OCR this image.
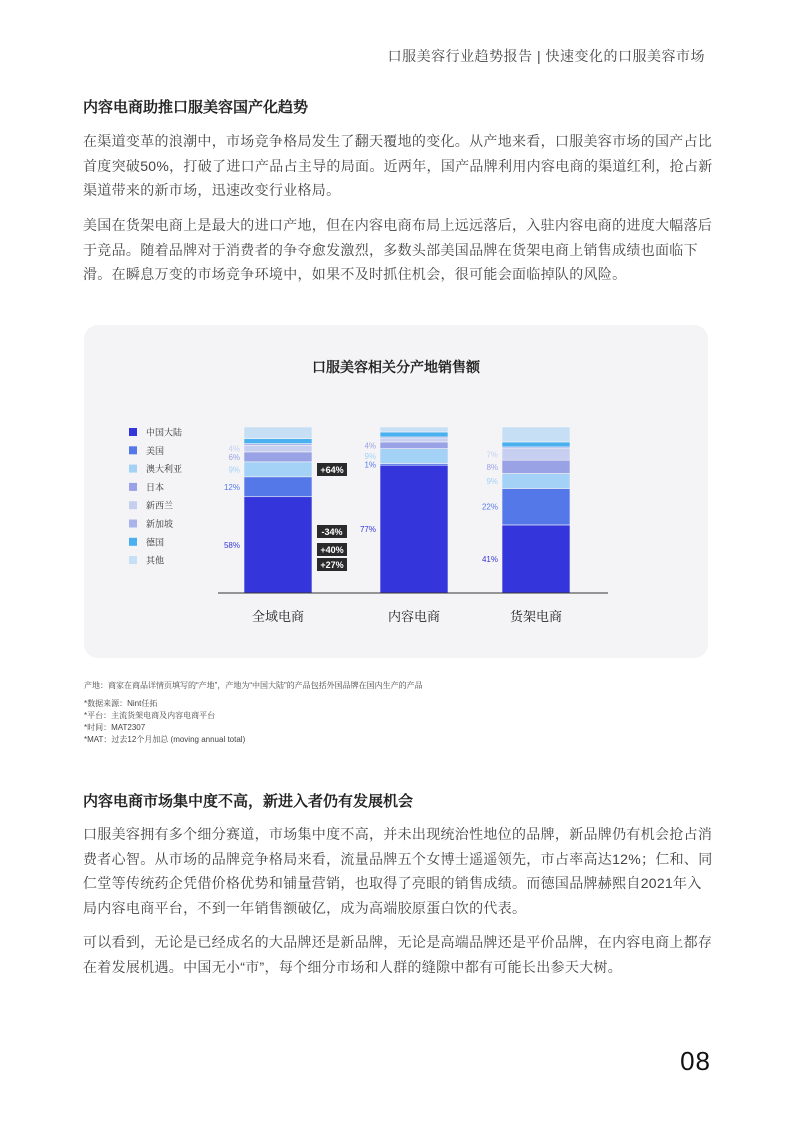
口服美容行业趋势报告 | 快速变化的口服美容市场
内容电商助推口服美容国产化趋势

在渠道变革的浪潮中，市场竞争格局发生了翻天覆地的变化。从产地来看，口服美容市场的国产占比首度突破50%，打破了进口产品占主导的局面。近两年，国产品牌利用内容电商的渠道红利，抢占新渠道带来的新市场，迅速改变行业格局。

美国在货架电商上是最大的进口产地，但在内容电商布局上远远落后，入驻内容电商的进度大幅落后于竞品。随着品牌对于消费者的争夺愈发激烈，多数头部美国品牌在货架电商上销售成绩也面临下滑。在瞬息万变的市场竞争环境中，如果不及时抓住机会，很可能会面临掉队的风险。

口服美容相关分产地销售额
中国大陆
美国
澳大利亚
日本
新西兰
新加坡
德国
其他
58%
12%
9%
6%
4%
全域电商
77%
1%
9%
4%
内容电商
41%
22%
9%
8%
7%
货架电商
+64%
-34%
+40%
+27%
产地：商家在商品详情页填写的“产地”，产地为“中国大陆”的产品包括外国品牌在国内生产的产品
*数据来源：Nint任拓
*平台：主流货架电商及内容电商平台
*时间：MAT2307
*MAT：过去12个月加总 (moving annual total)
内容电商市场集中度不高，新进入者仍有发展机会

口服美容拥有多个细分赛道，市场集中度不高，并未出现统治性地位的品牌，新品牌仍有机会抢占消费者心智。从市场的品牌竞争格局来看，流量品牌五个女博士遥遥领先，市占率高达12%；仁和、同仁堂等传统药企凭借价格优势和铺量营销，也取得了亮眼的销售成绩。而德国品牌赫熙自2021年入局内容电商平台，不到一年销售额破亿，成为高端胶原蛋白饮的代表。

可以看到，无论是已经成名的大品牌还是新品牌，无论是高端品牌还是平价品牌，在内容电商上都存在着发展机遇。中国无小“市”，每个细分市场和人群的缝隙中都有可能长出参天大树。

08
